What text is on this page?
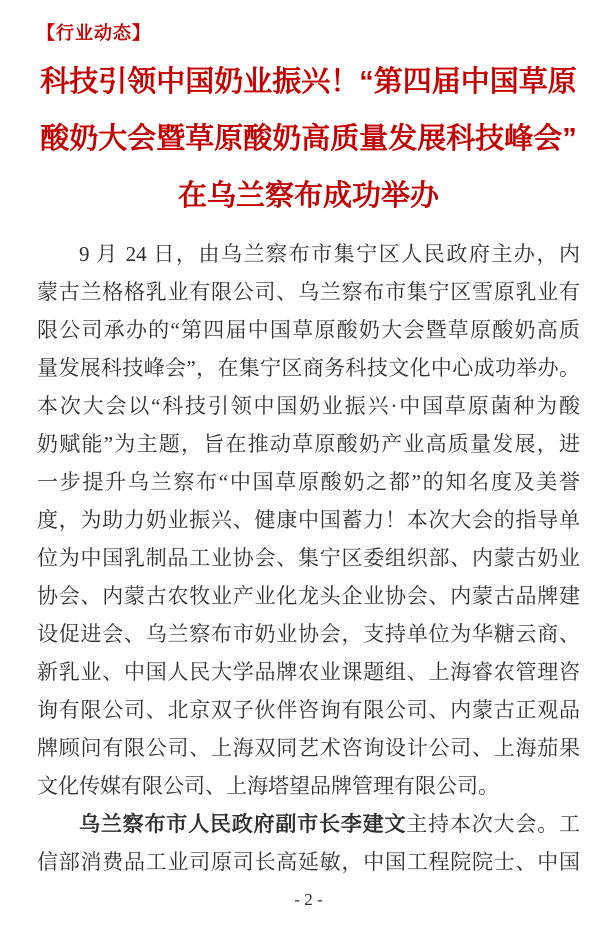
【行业动态】
科技引领中国奶业振兴！“第四届中国草原
酸奶大会暨草原酸奶高质量发展科技峰会”
在乌兰察布成功举办
9 月 24 日，由乌兰察布市集宁区人民政府主办，内
蒙古兰格格乳业有限公司、乌兰察布市集宁区雪原乳业有
限公司承办的“第四届中国草原酸奶大会暨草原酸奶高质
量发展科技峰会”，在集宁区商务科技文化中心成功举办。
本次大会以“科技引领中国奶业振兴·中国草原菌种为酸
奶赋能”为主题，旨在推动草原酸奶产业高质量发展，进
一步提升乌兰察布“中国草原酸奶之都”的知名度及美誉
度，为助力奶业振兴、健康中国蓄力！本次大会的指导单
位为中国乳制品工业协会、集宁区委组织部、内蒙古奶业
协会、内蒙古农牧业产业化龙头企业协会、内蒙古品牌建
设促进会、乌兰察布市奶业协会，支持单位为华糖云商、
新乳业、中国人民大学品牌农业课题组、上海睿农管理咨
询有限公司、北京双子伙伴咨询有限公司、内蒙古正观品
牌顾问有限公司、上海双同艺术咨询设计公司、上海茄果
文化传媒有限公司、上海塔望品牌管理有限公司。
乌兰察布市人民政府副市长李建文主持本次大会。工
信部消费品工业司原司长高延敏，中国工程院院士、中国
- 2 -
